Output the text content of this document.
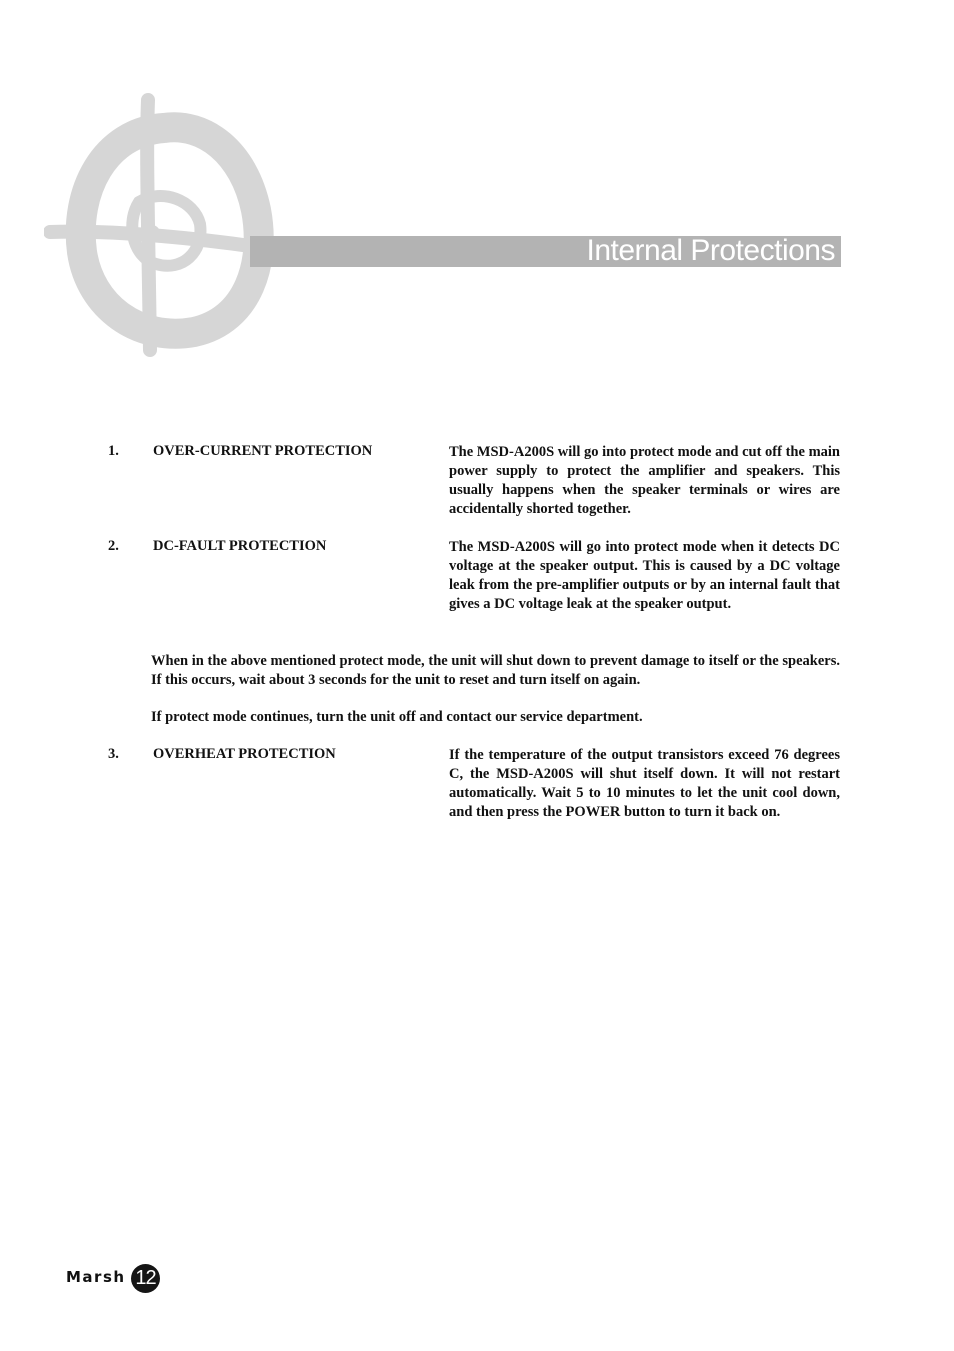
Internal Protections
1. OVER-CURRENT PROTECTION	The MSD-A200S will go into protect mode and cut off the main power supply to protect the amplifier and speakers. This usually happens when the speaker terminals or wires are accidentally shorted together.

2. DC-FAULT PROTECTION	The MSD-A200S will go into protect mode when it detects DC voltage at the speaker output. This is caused by a DC voltage leak from the pre-amplifier outputs or by an internal fault that gives a DC voltage leak at the speaker output.

When in the above mentioned protect mode, the unit will shut down to prevent damage to itself or the speakers. If this occurs, wait about 3 seconds for the unit to reset and turn itself on again.

If protect mode continues, turn the unit off and contact our service department.

3. OVERHEAT PROTECTION	If the temperature of the output transistors exceed 76 degrees C, the MSD-A200S will shut itself down. It will not restart automatically. Wait 5 to 10 minutes to let the unit cool down, and then press the POWER button to turn it back on.

Marsh 12
